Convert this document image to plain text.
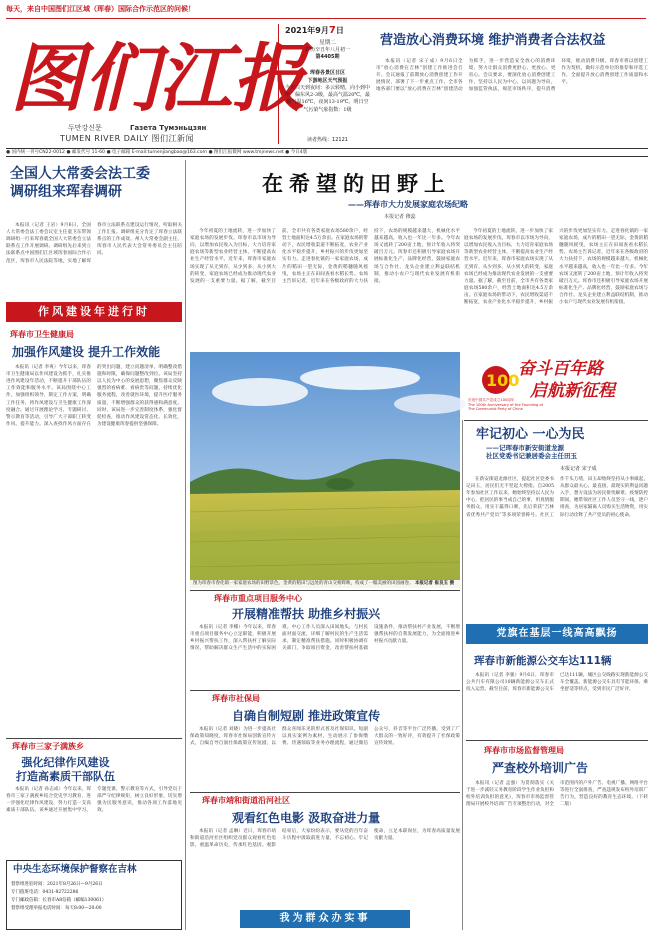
每天，来自中国图们江区域（珲春）国际合作示范区的问候！
图们江报
두만강신문	Газета Тумэньцзян
TUMEN RIVER DAILY 图们江新闻
2021年9月7日
星期二
农历辛丑年八月初一
第4405期
珲春各景区日区
下游地区天气预报
今天白天到夜间：多云转晴，向小到中雨，偏东风2-3级，最高气温20℃，最低气温16℃，夜间13-19℃。明日空气污染气象指数：1级
读者热线：12121
营造放心消费环境 维护消费者合法权益

本报讯（记者 宋子成）9月6日全市“放心消费在吉林”创建工作推进会召开。会议通报了前期放心消费创建工作开展情况，部署了下一步重点工作。全市各地各部门要以“放心消费在吉林”创建活动为抓手，进一步营造安全放心的消费环境，努力让群众消费更舒心、更放心、更省心。会议要求，要深化放心消费创建工作，坚持以人民为中心，以问题为导向，加强监管执法，规范市场秩序，提升消费环境，推动消费升级。珲春市将以创建工作为契机，做好示范单位的推荐和评选工作，全面提升放心消费创建工作质量和水平。

● 国内统一刊号CN22-0012 ● 邮发代号 11-60 ● 电子邮箱 E-mail:tumenjiangbao@163.com ● 图们江报微网 www.tmjnews.net ● 今日4版
全国人大常委会法工委
调研组来珲春调研

本报讯（记者 王岩）9月6日，全国人大常委会法工委会议室主任童卫东带领调研组一行来珲春就全国人大常委会立法联系点工作开展调研。调研组先后来到立法联系点中国图们江区域珲春国际合作示范区，珲春市人民法院等地，实地了解珲春市立法联系点建设运行情况，听取相关工作汇报。调研组充分肯定了珲春立法联系点的工作成效。州人大常委会副主任、珲春市人民代表大会常务委员会主任陪同。

作风建设年进行时
珲春市卫生健康局
加强作风建设 提升工作效能

本报讯（记者 李爽）今年以来，珲春市卫生健康局以作风建设为抓手，扎实推进作风建设年活动，不断提升干部队伍的工作效能和服务水平。该局围绕中心工作，加强组织领导，制定工作方案，明确工作任务，将作风建设与卫生健康工作深度融合。通过开展理论学习、专题研讨、警示教育等活动，引导广大干部职工转变作风、提升能力。深入查找作风方面存在的突出问题，建立问题清单，明确整改措施和时限，确保问题整改到位。该局坚持以人民为中心的发展思想，聚焦群众反映强烈的看病难、看病贵等问题，持续优化服务流程，改善就医环境，提升医疗服务质量，不断增强群众的获得感和满意度。同时，该局进一步完善制度体系，强化督促检查，推动作风建设常态化、长效化，为建设健康珲春提供坚强保障。

在希望的田野上
——珲春市大力发展家庭农场纪略
本报记者 穆蕊

今年初夏的土地流转，进一步加快了家庭农场的发展步伐。珲春市以市场为导向，以增加农民收入为目标，大力培育家庭农场等新型农业经营主体，不断提高农业生产经营水平。近年来，珲春市家庭农场实现了从无到有、从少到多、从小到大的转变，家庭农场已经成为推动现代农业发展的一支重要力量。据了解，截至目前，全市共有各类家庭农场580余户，经营土地面积达4.5万余亩。在家庭农场的带动下，农民增收渠道不断拓宽，农业产业化水平稳步提升，乡村振兴的步伐更加坚实有力。走进春化镇的一家家庭农场，成片的稻田一望无际，金黄的稻穗随风摇曳，农场主正在田间查看水稻长势。农场主告诉记者，近年来在各级政府的大力扶持下，农场的规模越来越大，机械化水平越来越高，收入也一年比一年多。今年农场又流转了200亩土地，预计年收入将突破百万元。珲春市还积极引导家庭农场开展标准化生产、品牌化经营，鼓励家庭农场与合作社、龙头企业建立利益联结机制，推动小农户与现代农业发展有机衔接。

今年初夏的土地流转，进一步加快了家庭农场的发展步伐。珲春市以市场为导向，以增加农民收入为目标，大力培育家庭农场等新型农业经营主体，不断提高农业生产经营水平。近年来，珲春市家庭农场实现了从无到有、从少到多、从小到大的转变，家庭农场已经成为推动现代农业发展的一支重要力量。据了解，截至目前，全市共有各类家庭农场580余户，经营土地面积达4.5万余亩。在家庭农场的带动下，农民增收渠道不断拓宽，农业产业化水平稳步提升，乡村振兴的步伐更加坚实有力。走进春化镇的一家家庭农场，成片的稻田一望无际，金黄的稻穗随风摇曳，农场主正在田间查看水稻长势。农场主告诉记者，近年来在各级政府的大力扶持下，农场的规模越来越大，机械化水平越来越高，收入也一年比一年多。今年农场又流转了200亩土地，预计年收入将突破百万元。珲春市还积极引导家庭农场开展标准化生产、品牌化经营，鼓励家庭农场与合作社、龙头企业建立利益联结机制，推动小农户与现代农业发展有机衔接。

100
奋斗百年路
启航新征程
庆祝中国共产党成立100周年
The 100th Anniversary of the Founding of
The Communist Party of China
图为珲春市春化镇一家家庭农场的田野景色，金黄的稻田与远处的青山交相辉映，构成了一幅美丽的田园画卷。 本报记者 崔良玉 摄
牢记初心 一心为民
——记珲春市新安街道龙源
社区党委书记兼居委会主任田玉
本报记者 宋子成

在新安街道龙源社区，提起社区党委书记田玉，居民们无不竖起大拇指。自2005年参加社区工作以来，她始终坚持以人民为中心，把居民的事当成自己的事，用真情服务群众，用实干赢得口碑，先后荣获“吉林省优秀共产党员”等多项荣誉称号。社区工作千头万绪，田玉却始终坚持从小事做起，从群众最关心、最直接、最现实的利益问题入手，想方设法为居民排忧解难。疫情防控期间，她带领社区工作人员坚守一线，逐户排查，为居家隔离人员购买生活物资，用实际行动诠释了共产党员的初心使命。

珲春市重点项目服务中心
开展精准帮扶 助推乡村振兴

本报讯（记者 李娜）今年以来，珲春市重点项目服务中心立足职能，积极开展乡村振兴帮扶工作，深入帮扶村了解实际情况，帮助解决群众生产生活中的实际困难。中心工作人员深入田间地头，与村民面对面交流，详细了解村民的生产生活需求，制定精准帮扶措施。同时积极协调有关部门，争取项目资金，改善帮扶村基础设施条件，推动帮扶村产业发展，不断增强帮扶村的自我发展能力，为全面推进乡村振兴贡献力量。

珲春市社保局
自确自制短剧 推进政策宣传

本报讯（记者 刘晓）为进一步提高社保政策知晓度，珲春市社保局创新宣传方式，自编自导自演社保政策宣传短剧，以群众喜闻乐见的形式普及社保知识。短剧以真实案例为素材，生动展示了参保缴费、待遇领取等业务办理流程，通过微信公众号、抖音等平台广泛传播，受到了广大群众的一致好评，有效提升了社保政策宣传效果。

珲春市靖和街道沿河社区
观看红色电影 汲取奋进力量

本报讯（记者 孟琳）近日，珲春市靖和街道沿河社区组织党员群众观看红色电影，重温革命历史，传承红色基因。观影结束后，大家纷纷表示，要从党的百年奋斗历程中汲取前进力量，不忘初心、牢记使命，立足本职岗位，为珲春高质量发展贡献力量。

我为群众办实事
珲春市三家子满族乡
强化纪律作风建设
打造高素质干部队伍

本报讯（记者 孙志成）今年以来，珲春市三家子满族乡结合党史学习教育，进一步强化纪律作风建设，努力打造一支高素质干部队伍。该乡通过开展集中学习、专题党课、警示教育等方式，引导党员干部严守纪律规矩，树立良好形象，切实增强为民服务意识，推动各项工作落地见效。

中央生态环境保护督察在吉林
督察组进驻时间：2021年8月26日—9月26日
专门值班电话：0431-82722286
专门邮政信箱：长春市A8信箱（邮编130061）
督察组受理举报电话时间：每天8:00—20:00
党旗在基层一线高高飘扬
珲春市新能源公交车达111辆

本报讯（记者 李强）9月6日，珲春市公共汽车有限公司10辆新能源公交车正式投入运营。截至目前，珲春市新能源公交车已达111辆，城区公交线路实现新能源公交车全覆盖。新能源公交车具有节能环保、乘坐舒适等特点，受到市民广泛好评。

珲春市市场监督管理局
严查校外培训广告

本报讯（记者 孟强）为贯彻落实《关于进一步减轻义务教育阶段学生作业负担和校外培训负担的意见》，珲春市市场监督管理局开展校外培训广告专项整治行动，对全市范围内的户外广告、电视广播、网络平台等进行全面排查，严查违规发布校外培训广告行为，营造良好的教育生态环境。（下转二版）
